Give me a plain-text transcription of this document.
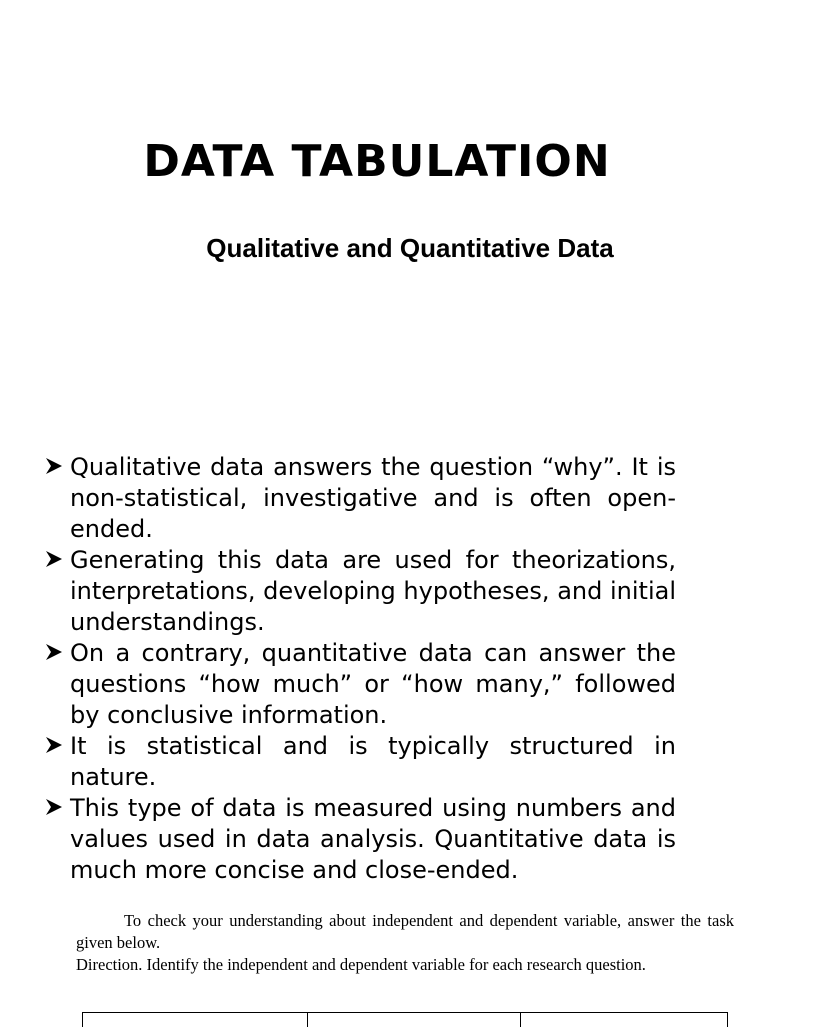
DATA TABULATION
Qualitative and Quantitative Data
Qualitative data answers the question “why”. It is non-statistical, investigative and is often open-ended.
Generating this data are used for theorizations, interpretations, developing hypotheses, and initial understandings.
On a contrary, quantitative data can answer the questions “how much” or “how many,” followed by conclusive information.
It is statistical and is typically structured in nature.
This type of data is measured using numbers and values used in data analysis. Quantitative data is much more concise and close-ended.

To check your understanding about independent and dependent variable, answer the task given below.

Direction. Identify the independent and dependent variable for each research question.
